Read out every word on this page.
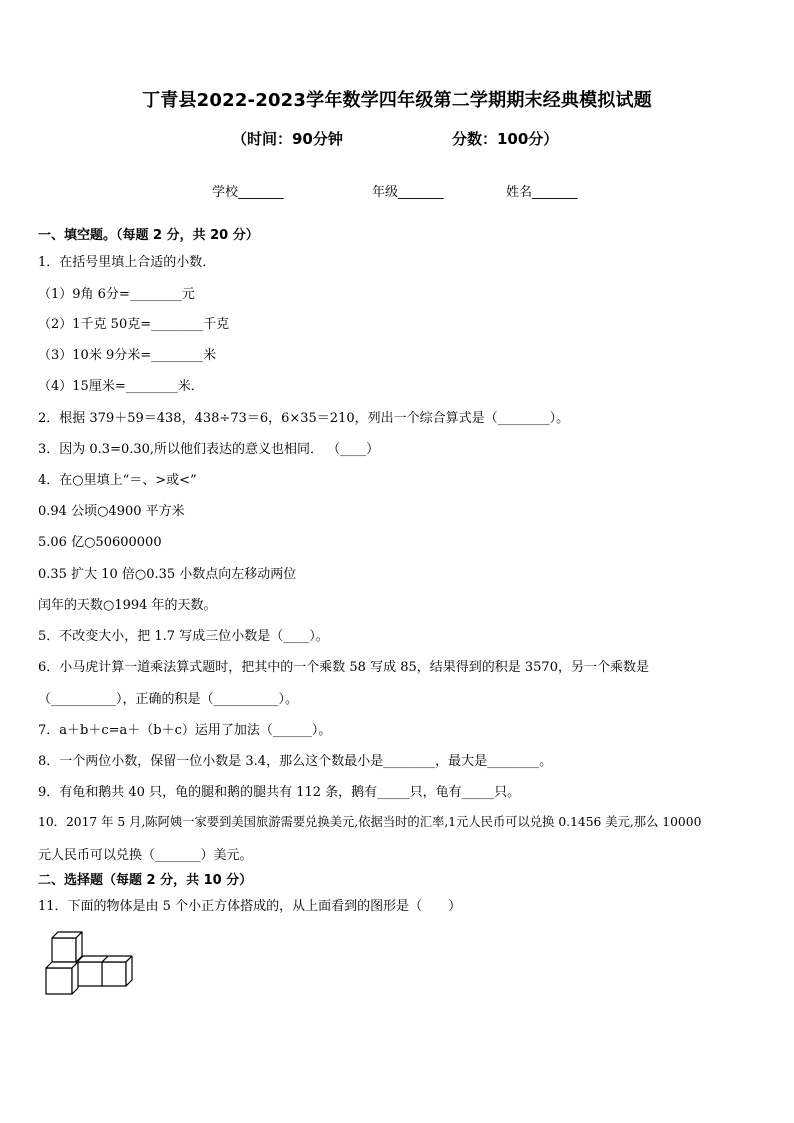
丁青县2022-2023学年数学四年级第二学期期末经典模拟试题
（时间：90分钟	分数：100分）
学校_______	年级_______	姓名_______
一、填空题。（每题 2 分，共 20 分）
1．在括号里填上合适的小数．
（1）9角 6分=________元
（2）1千克 50克=________千克
（3）10米 9分米=________米
（4）15厘米=________米．
2．根据 379＋59＝438，438÷73＝6，6×35＝210，列出一个综合算式是（________）。
3．因为 0.3=0.30,所以他们表达的意义也相同． （____）
4．在○里填上“＝、>或<”
0.94 公顷○4900 平方米
5.06 亿○50600000
0.35 扩大 10 倍○0.35 小数点向左移动两位
闰年的天数○1994 年的天数。
5．不改变大小，把 1.7 写成三位小数是（____）。
6．小马虎计算一道乘法算式题时，把其中的一个乘数 58 写成 85，结果得到的积是 3570，另一个乘数是
（__________），正确的积是（__________）。
7．a＋b＋c=a＋（b＋c）运用了加法（______）。
8．一个两位小数，保留一位小数是 3.4，那么这个数最小是________，最大是________。
9．有龟和鹅共 40 只，龟的腿和鹅的腿共有 112 条，鹅有_____只，龟有_____只。
10．2017 年 5 月,陈阿姨一家要到美国旅游需要兑换美元,依据当时的汇率,1元人民币可以兑换 0.1456 美元,那么 10000
元人民币可以兑换（_______）美元。
二、选择题（每题 2 分，共 10 分）
11．下面的物体是由 5 个小正方体搭成的，从上面看到的图形是（　　）
